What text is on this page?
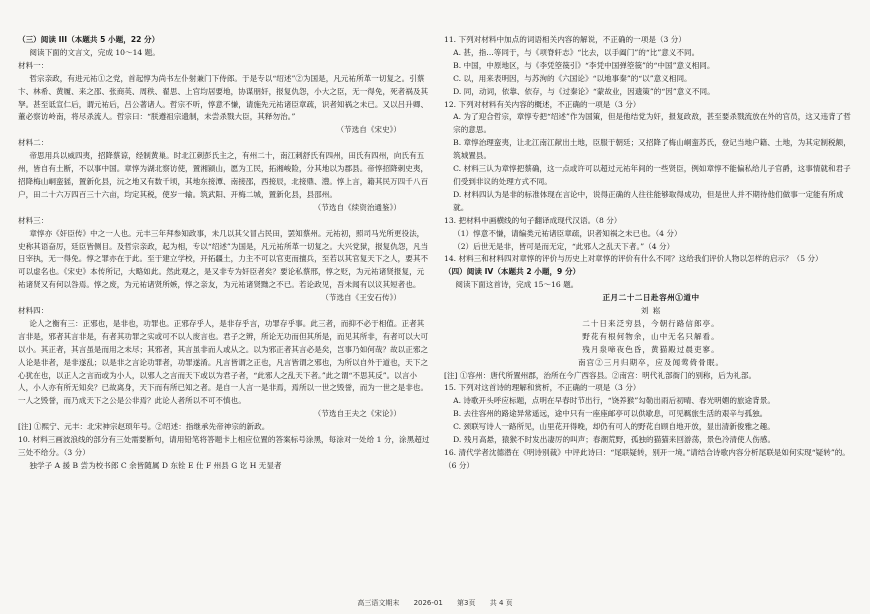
（三）阅读 III（本题共 5 小题，22 分）

阅读下面的文言文，完成 10～14 题。

材料一：

哲宗亲政，有进元祐①之党，首起惇为尚书左仆射兼门下侍郎。于是专以“绍述”②为国是，凡元祐所革一切复之。引蔡卞、林希、黄履、来之邵、张商英、周秩、翟思、上官均居要地，协谋朋奸，报复仇怨，小大之臣，无一得免，死者祸及其孥。甚至诋宣仁后，谓元祐后，吕公著诸人。哲宗不听，惇意不慊，请施先元祐诸臣章疏，识者知祸之未已。又以吕升卿、董必察访岭南，将尽杀流人。哲宗曰：“朕遵祖宗遗制，未尝杀戮大臣，其释勿治。”

（节选自《宋史》）

材料二：

帝思用兵以威四夷，招降蔡谅，经制黄巢。时北江刺彭氏主之，有州二十，南江刺舒氏有四州，田氏有四州，向氏有五州，皆自有土断，不以事中国。章惇为湖北察访使，置湘颍山，愿为工民，拓湘峻险，分其地以为郡县。帝惇招降刺史夷，招降梅山峒蛮猺，置新化县，沅之地又有数千顷，其地东接潭、南接邵，西接辰，北接鼎、澧。惇上言，籍其民万四千八百户，田二十六万四百三十六亩，均定其税，使岁一输。筑武阳、开梅二城，置新化县，县邵州。

（节选自《续资治通鉴》）

材料三：

章惇亦《奸臣传》中之一人也。元丰三年拜参知政事，未几以其父冒占民田，罢知蔡州。元祐初，照司马光所更役法，史称其语奋厉，廷臣皆侧目。及哲宗亲政，起为相，专以“绍述”为国是，凡元祐所革一切复之。大兴党狱，报复仇怨，凡当日宰执，无一得免。惇之罪亦在于此。至于建立学校，开拓疆土，力主不可以官吏而擅兵，至若以其官复天下之人，要其不可以虚名也。《宋史》本传所记，大略如此。然此观之，是又非专为奸臣者矣？要论私蔡邢，惇之贬，为元祐诸贤报复，元祐诸贤又有何以咎焉。惇之废，为元祐诸贤所嫉，惇之亲友，为元祐诸贤黜之不已。若论政见，吾未闻有以议其短者也。

（节选自《王安石传》）

材料四：

论人之衡有三：正邪也，是非也，功罪也。正邪存乎人，是非存乎言，功罪存乎事。此三者，而抑不必于相值。正者其言非是，邪者其言非是，有者其功罪之实或可不以人废言也。君子之辨，所论无功而但其所是，而见其所非，有者可以大可以小。其正者，其言虽是而用之未尽；其邪者，其言虽非而人或从之。以为邪正者其言必是矣，岂事乃如何哉？故以正邪之人论是非者，是非遂乱；以是非之言论功罪者，功罪遂淆。凡言皆谓之正也，凡言皆谓之邪也，为所以自外于道也，天下之心犹在也，以正人之言而或为小人，以邪人之言而天下或以为君子者，“此邪人之乱天下者。”此之谓“不思其反”。以言小人，小人亦有所无知矣？已故离身，天下而有所已知之者。是自一人言一是非焉，焉所以一世之毁誉，而为一世之是非也。一人之毁誉，而乃成天下之公是公非焉？此论人者所以不可不慎也。

（节选自王夫之《宋论》）

[注] ①熙宁、元丰：北宋神宗赵顼年号。②绍述：指继承先帝神宗的新政。

10. 材料三画波浪线的部分有三处需要断句，请用铅笔将答题卡上相应位置的答案标号涂黑，每涂对一处给 1 分，涂黑超过三处不给分。（3 分）

独学子 A 援 B 尝为校书郎 C 余皆随属 D 东铨 E 仕 F 州县 G 讫 H 无显者

11. 下列对材料中加点的词语相关内容的解说，不正确的一项是（3 分）

A. 甚，指…等同于，与《项脊轩志》“比去，以手阖门”的“比”意义不同。

B. 中国，中原地区，与《李凭箜篌引》“李凭中国弹箜篌”的“中国”意义相同。

C. 以，用来表明因，与苏洵的《六国论》“以地事秦”的“以”意义相同。

D. 同，动词，依靠、依存，与《过秦论》“蒙故业，因遗策”的“因”意义不同。

12. 下列对材料有关内容的概述，不正确的一项是（3 分）

A. 为了迎合哲宗，章惇专把“绍述”作为国策，但是他结党为奸，报复政敌，甚至要杀戮流放在外的官员，这又违背了哲宗的意思。

B. 章惇治理蛮夷，让北江南江献出土地，臣服于朝廷；又招降了梅山峒蛮苏氏，登记当地户籍、土地，为其定制税额，筑城置县。

C. 材料三认为章惇把蔡确，这一点或许可以超过元祐年间的一些贤臣，例如章惇不能偏私给儿子官爵，这事情就和君子们受到非议的处理方式不同。

D. 材料四认为是非的标准体现在言论中，说得正确的人往往能够取得成功，但是世人并不期待他们做事一定能有所成就。

13. 把材料中画横线的句子翻译成现代汉语。（8 分）

（1）惇意不慊，请编类元祐诸臣章疏，识者知祸之未已也。（4 分）

（2）后世无是非，皆可是而无定，“此邪人之乱天下者。”（4 分）

14. 材料三和材料四对章惇的评价与历史上对章惇的评价有什么不同？这给我们评价人物以怎样的启示？（5 分）

（四）阅读 IV（本题共 2 小题，9 分）

阅读下面这首诗，完成 15～16 题。

正月二十二日赴容州①道中

刘 崧

二十日来泛穷县，今朝行路信郎亭。

野花有根何物余，山中无名只解看。

残月泉啼夜色昏，黄猫殿过晨吏寥。

南宫②三月归期卒，应及闻莺倚骨眠。

[注] ①容州：唐代所置州郡，治所在今广西容县。②南宫：明代礼部衙门的别称，后为礼部。

15. 下列对这首诗的理解和赏析，不正确的一项是（3 分）

A. 诗歌开头呼应标题，点明在早春时节出行，“饶养猴”勾勒出雨后初晴、春光明媚的旅途背景。

B. 去往容州的路途异常遥远，途中只有一座座邮亭可以供歇息，可见羁旅生活的艰辛与孤独。

C. 颈联写诗人一路所见，山里花开得晚，却仍有可人的野花自顾自地开放，显出清新俊雅之趣。

D. 残月高悬，猿猴不时发出凄厉的叫声；春潮荒野，孤独的猫猫来回游荡，景色冷清使人伤感。

16. 清代学者沈德潜在《明诗别裁》中评此诗曰：“尾联疑转，别开一境。”请结合诗歌内容分析尾联是如何实现“疑转”的。（6 分）

高三语文期末 2026-01 第3页 共 4 页
